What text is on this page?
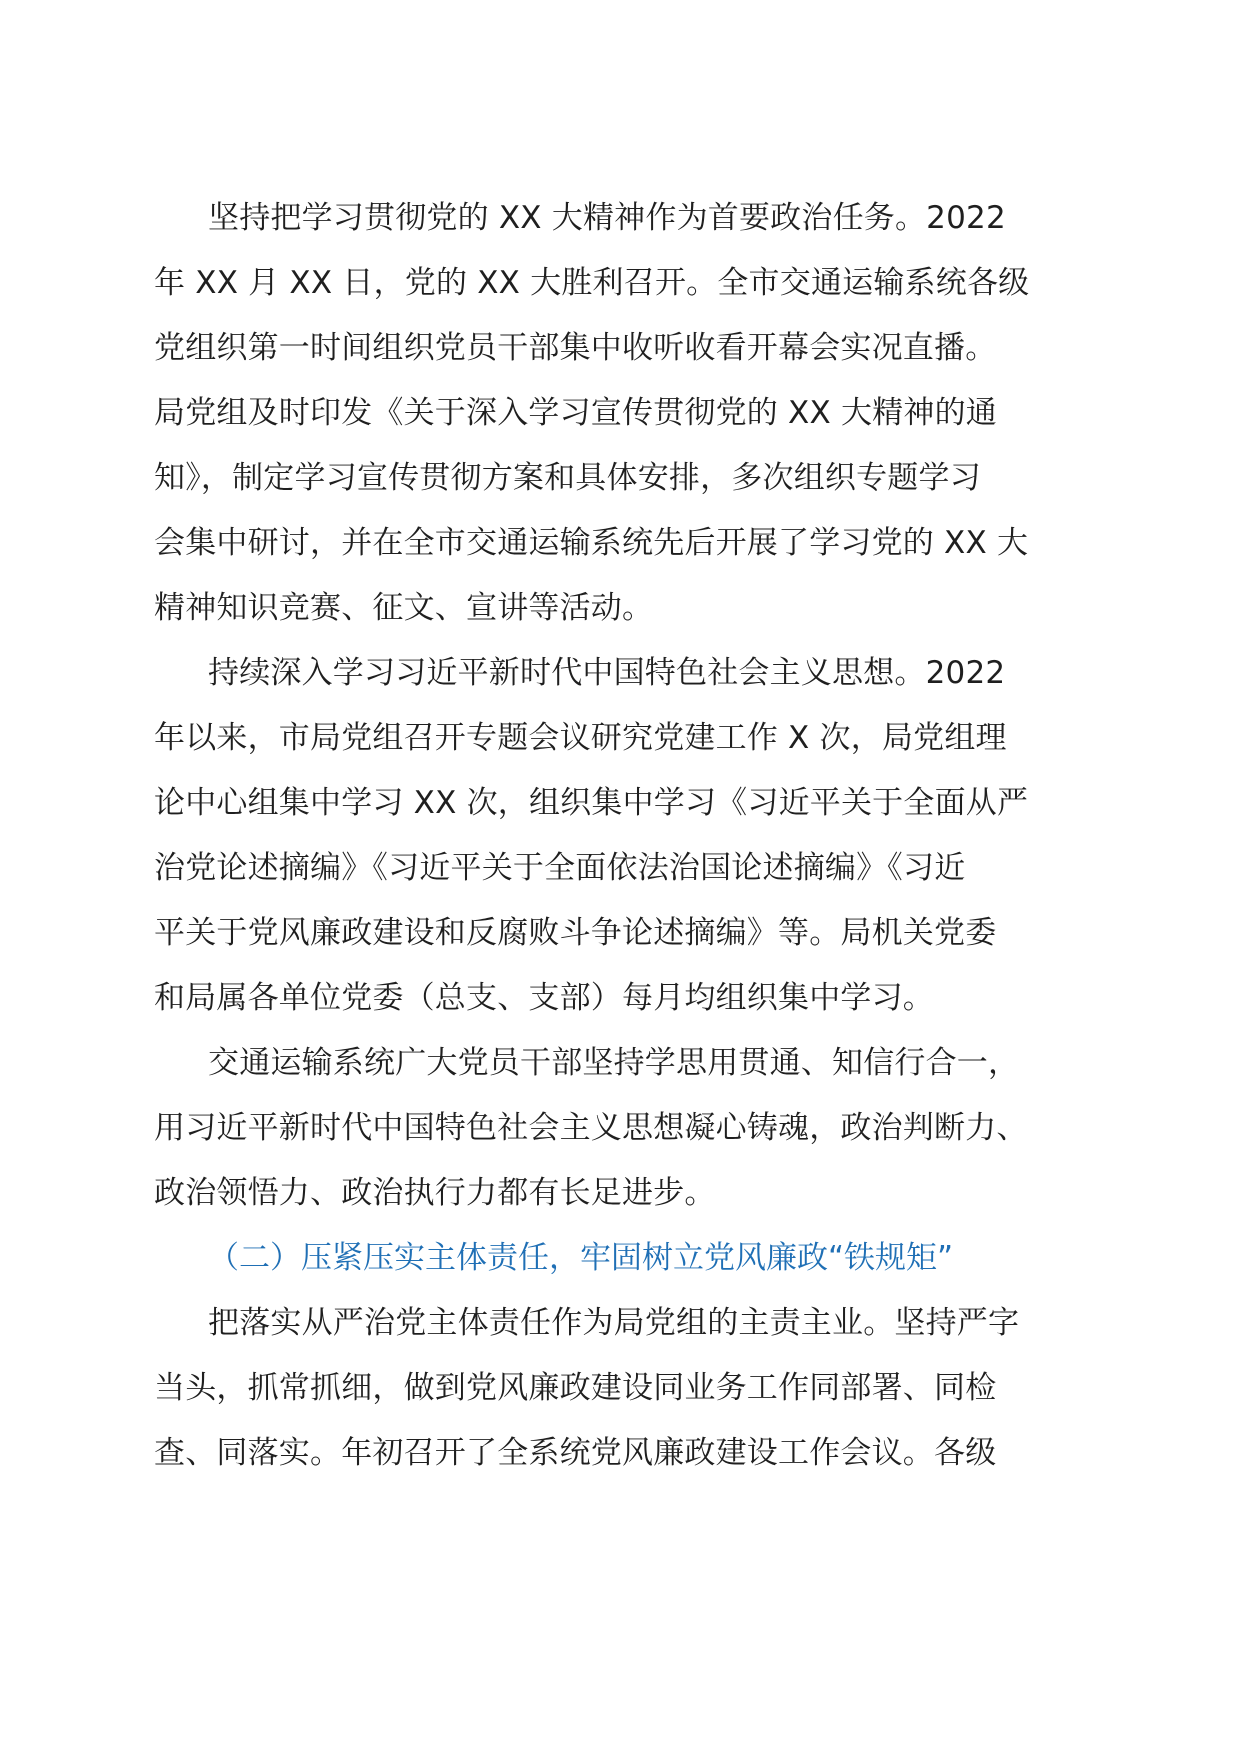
坚持把学习贯彻党的 XX 大精神作为首要政治任务。2022
年 XX 月 XX 日，党的 XX 大胜利召开。全市交通运输系统各级
党组织第一时间组织党员干部集中收听收看开幕会实况直播。
局党组及时印发《关于深入学习宣传贯彻党的 XX 大精神的通
知》，制定学习宣传贯彻方案和具体安排，多次组织专题学习
会集中研讨，并在全市交通运输系统先后开展了学习党的 XX 大
精神知识竞赛、征文、宣讲等活动。

持续深入学习习近平新时代中国特色社会主义思想。2022
年以来，市局党组召开专题会议研究党建工作 X 次，局党组理
论中心组集中学习 XX 次，组织集中学习《习近平关于全面从严
治党论述摘编》《习近平关于全面依法治国论述摘编》《习近
平关于党风廉政建设和反腐败斗争论述摘编》等。局机关党委
和局属各单位党委（总支、支部）每月均组织集中学习。

交通运输系统广大党员干部坚持学思用贯通、知信行合一，
用习近平新时代中国特色社会主义思想凝心铸魂，政治判断力、
政治领悟力、政治执行力都有长足进步。

（二）压紧压实主体责任，牢固树立党风廉政“铁规矩”

把落实从严治党主体责任作为局党组的主责主业。坚持严字
当头，抓常抓细，做到党风廉政建设同业务工作同部署、同检
查、同落实。年初召开了全系统党风廉政建设工作会议。各级
